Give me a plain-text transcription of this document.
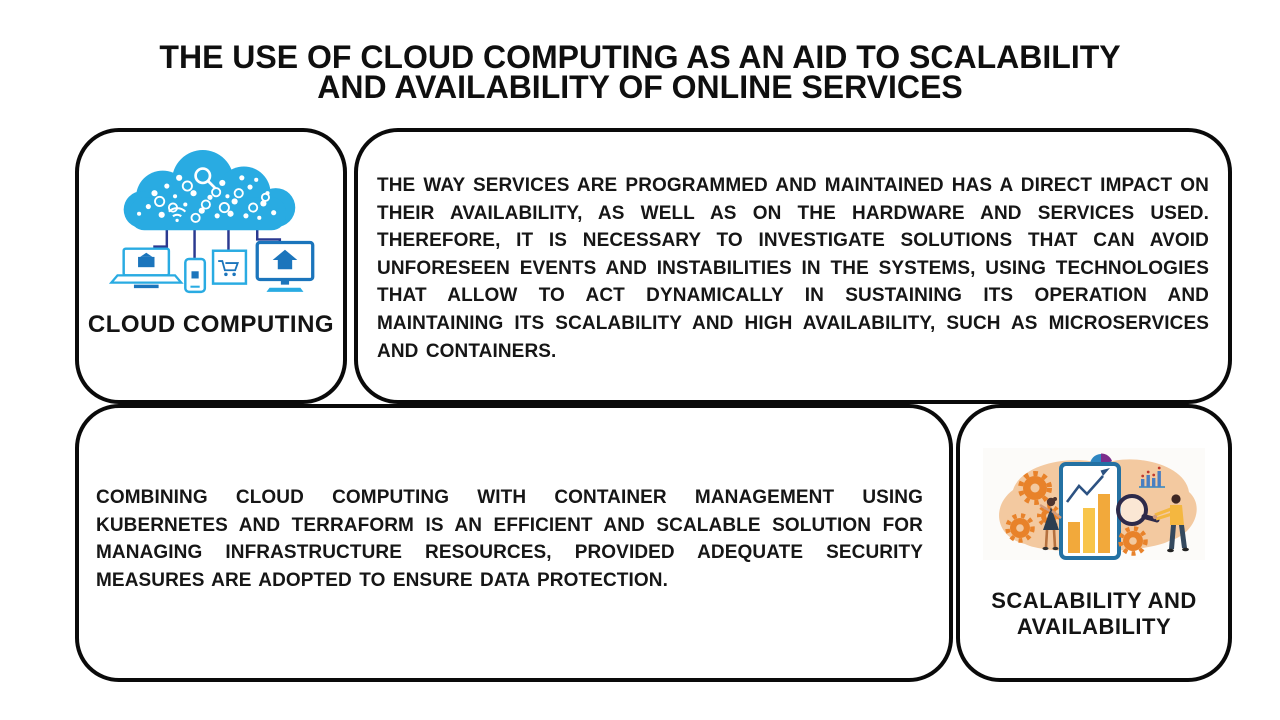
THE USE OF CLOUD COMPUTING AS AN AID TO SCALABILITY
AND AVAILABILITY OF ONLINE SERVICES
CLOUD COMPUTING
THE WAY SERVICES ARE PROGRAMMED AND MAINTAINED HAS A DIRECT IMPACT ON THEIR AVAILABILITY, AS WELL AS ON THE HARDWARE AND SERVICES USED. THEREFORE, IT IS NECESSARY TO INVESTIGATE SOLUTIONS THAT CAN AVOID UNFORESEEN EVENTS AND INSTABILITIES IN THE SYSTEMS, USING TECHNOLOGIES THAT ALLOW TO ACT DYNAMICALLY IN SUSTAINING ITS OPERATION AND MAINTAINING ITS SCALABILITY AND HIGH AVAILABILITY, SUCH AS MICROSERVICES AND CONTAINERS.
COMBINING CLOUD COMPUTING WITH CONTAINER MANAGEMENT USING KUBERNETES AND TERRAFORM IS AN EFFICIENT AND SCALABLE SOLUTION FOR MANAGING INFRASTRUCTURE RESOURCES, PROVIDED ADEQUATE SECURITY MEASURES ARE ADOPTED TO ENSURE DATA PROTECTION.
SCALABILITY AND AVAILABILITY
